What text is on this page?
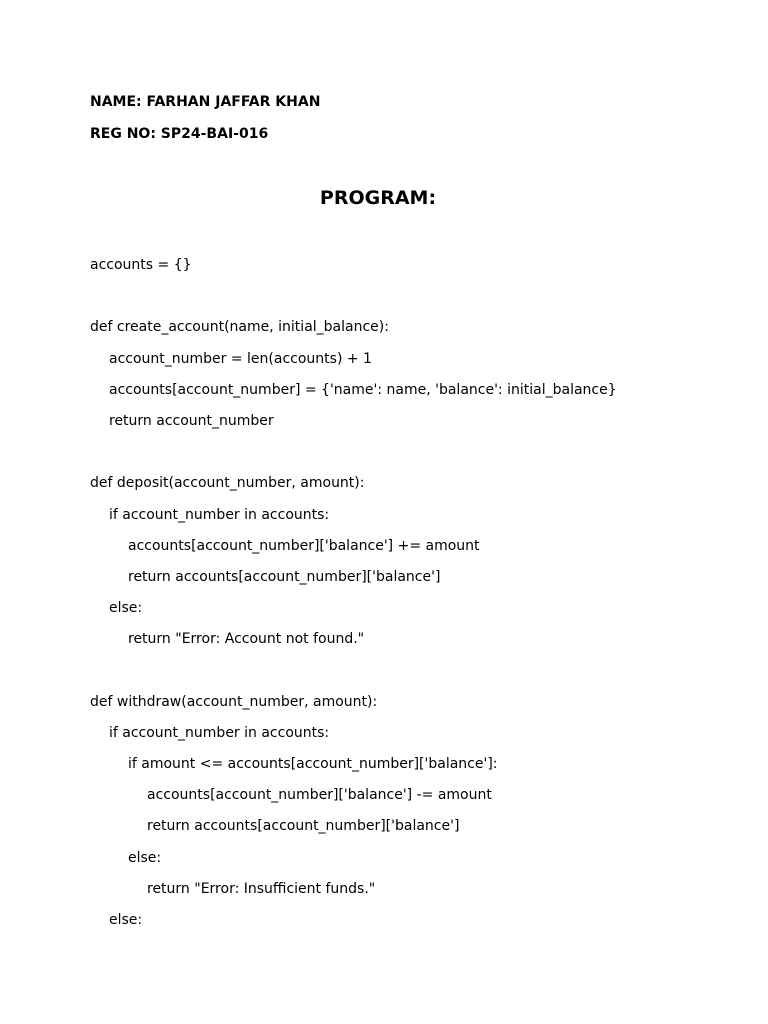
NAME: FARHAN JAFFAR KHAN
REG NO: SP24-BAI-016
PROGRAM:
accounts = {}
def create_account(name, initial_balance):
account_number = len(accounts) + 1
accounts[account_number] = {'name': name, 'balance': initial_balance}
return account_number
def deposit(account_number, amount):
if account_number in accounts:
accounts[account_number]['balance'] += amount
return accounts[account_number]['balance']
else:
return "Error: Account not found."
def withdraw(account_number, amount):
if account_number in accounts:
if amount <= accounts[account_number]['balance']:
accounts[account_number]['balance'] -= amount
return accounts[account_number]['balance']
else:
return "Error: Insufficient funds."
else:
